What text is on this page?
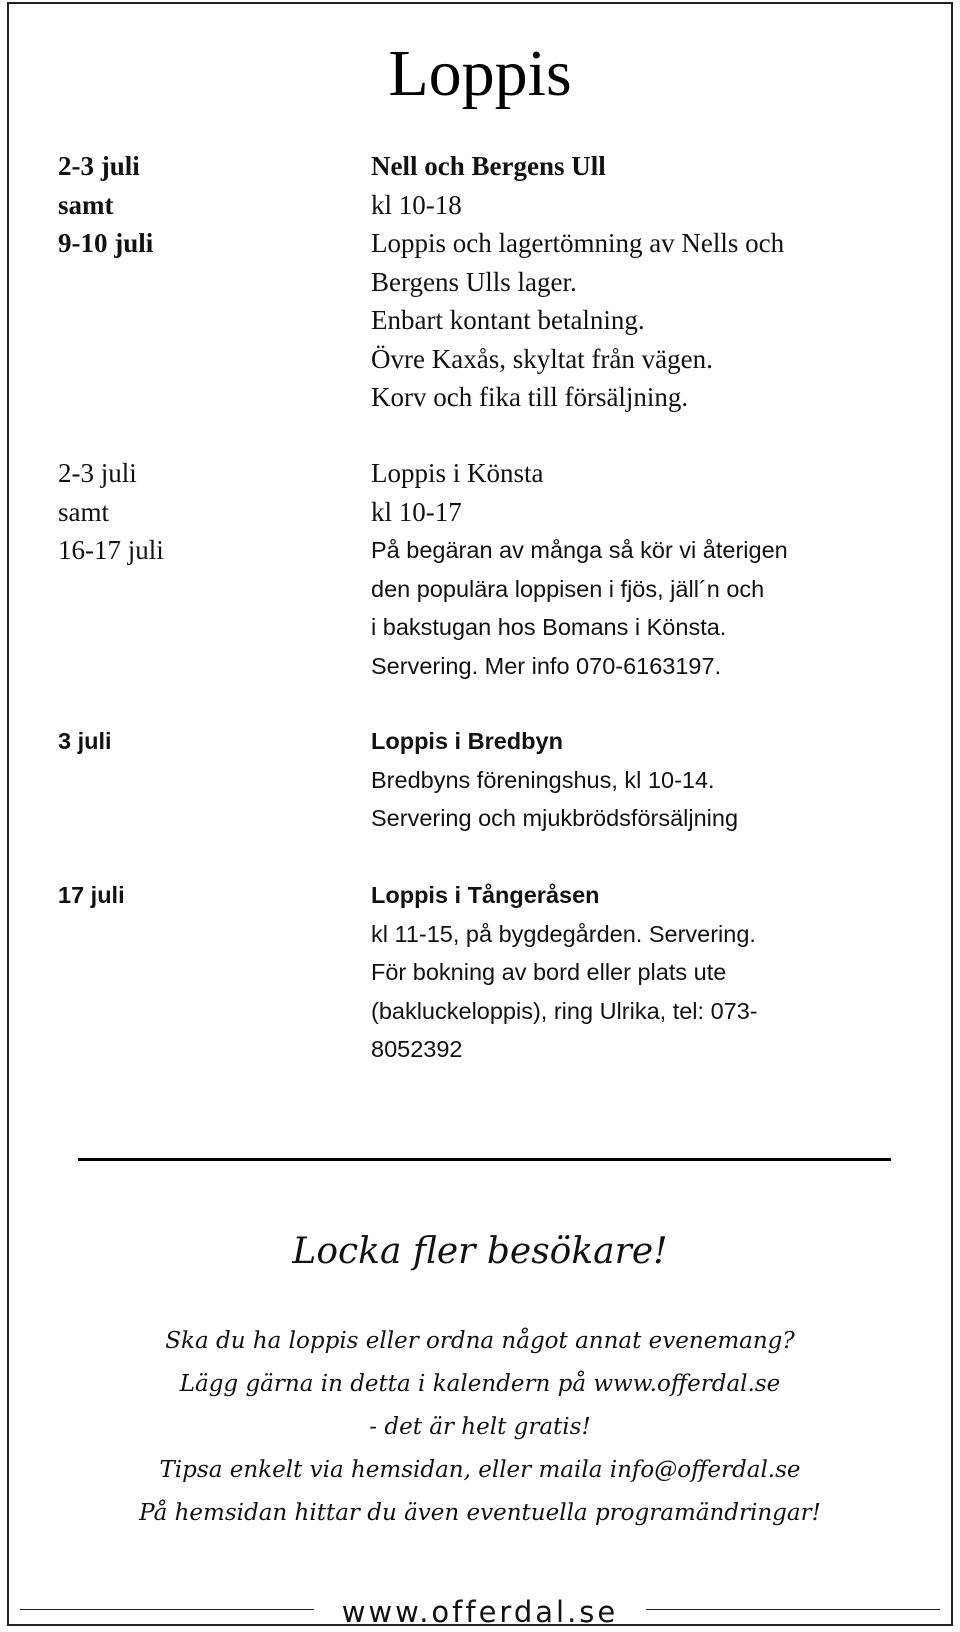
Loppis
2-3 juli
samt
9-10 juli
Nell och Bergens Ull
kl 10-18
Loppis och lagertömning av Nells och
Bergens Ulls lager.
Enbart kontant betalning.
Övre Kaxås, skyltat från vägen.
Korv och fika till försäljning.
2-3 juli
samt
16-17 juli
Loppis i Könsta
kl 10-17
På begäran av många så kör vi återigen
den populära loppisen i fjös, jäll´n och
i bakstugan hos Bomans i Könsta.
Servering. Mer info 070-6163197.
3 juli	Loppis i Bredbyn
Bredbyns föreningshus, kl 10-14.
Servering och mjukbrödsförsäljning
17 juli	Loppis i Tångeråsen
kl 11-15, på bygdegården. Servering.
För bokning av bord eller plats ute
(bakluckeloppis), ring Ulrika, tel: 073-
8052392
Locka fler besökare!
Ska du ha loppis eller ordna något annat evenemang?
Lägg gärna in detta i kalendern på www.offerdal.se
- det är helt gratis!
Tipsa enkelt via hemsidan, eller maila info@offerdal.se
På hemsidan hittar du även eventuella programändringar!
www.offerdal.se
